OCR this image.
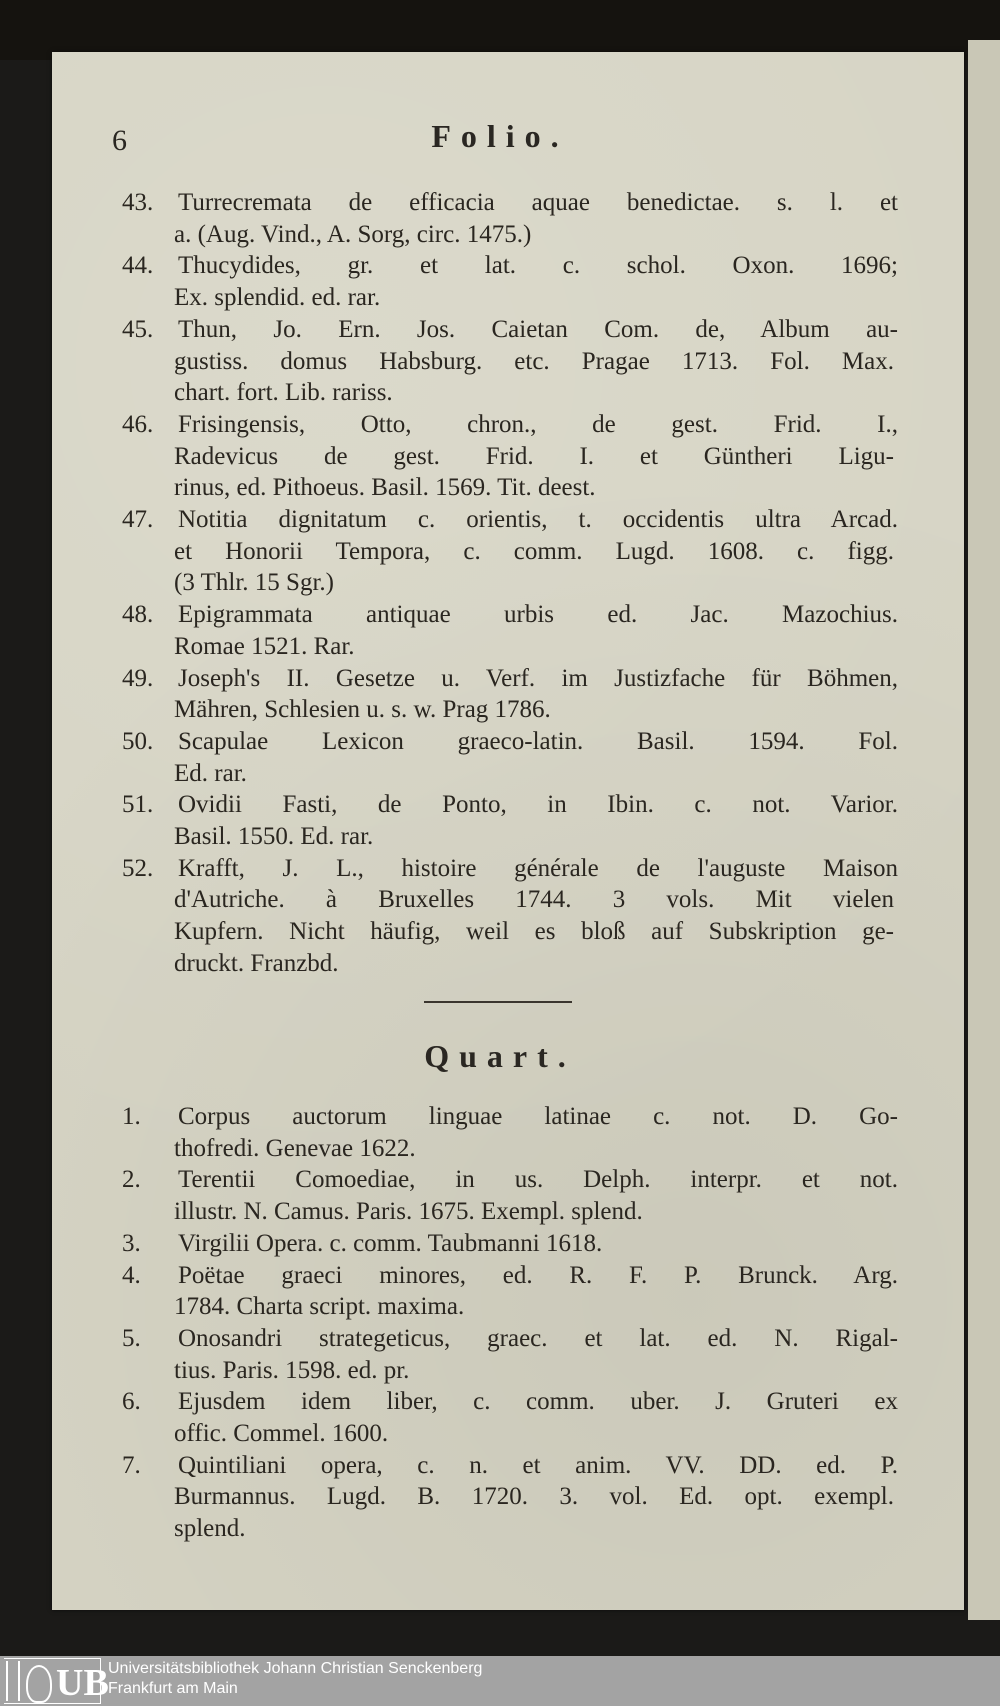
6	Folio.
Turrecremata de efficacia aquae benedictae. s. l. et
43.
a. (Aug. Vind., A. Sorg, circ. 1475.)
Thucydides, gr. et lat. c. schol. Oxon. 1696;
44.
Ex. splendid. ed. rar.
Thun, Jo. Ern. Jos. Caietan Com. de, Album au-
45.
gustiss. domus Habsburg. etc. Pragae 1713. Fol. Max.
chart. fort. Lib. rariss.
Frisingensis, Otto, chron., de gest. Frid. I.,
46.
Radevicus de gest. Frid. I. et Güntheri Ligu-
rinus, ed. Pithoeus. Basil. 1569. Tit. deest.
Notitia dignitatum c. orientis, t. occidentis ultra Arcad.
47.
et Honorii Tempora, c. comm. Lugd. 1608. c. figg.
(3 Thlr. 15 Sgr.)
Epigrammata antiquae urbis ed. Jac. Mazochius.
48.
Romae 1521. Rar.
Joseph's II. Gesetze u. Verf. im Justizfache für Böhmen,
49.
Mähren, Schlesien u. s. w. Prag 1786.
Scapulae Lexicon graeco-latin. Basil. 1594. Fol.
50.
Ed. rar.
Ovidii Fasti, de Ponto, in Ibin. c. not. Varior.
51.
Basil. 1550. Ed. rar.
Krafft, J. L., histoire générale de l'auguste Maison
52.
d'Autriche. à Bruxelles 1744. 3 vols. Mit vielen
Kupfern. Nicht häufig, weil es bloß auf Subskription ge-
druckt. Franzbd.
Quart.
Corpus auctorum linguae latinae c. not. D. Go-
1.
thofredi. Genevae 1622.
Terentii Comoediae, in us. Delph. interpr. et not.
2.
illustr. N. Camus. Paris. 1675. Exempl. splend.
Virgilii Opera. c. comm. Taubmanni 1618.
3.
Poëtae graeci minores, ed. R. F. P. Brunck. Arg.
4.
1784. Charta script. maxima.
Onosandri strategeticus, graec. et lat. ed. N. Rigal-
5.
tius. Paris. 1598. ed. pr.
Ejusdem idem liber, c. comm. uber. J. Gruteri ex
6.
offic. Commel. 1600.
Quintiliani opera, c. n. et anim. VV. DD. ed. P.
7.
Burmannus. Lugd. B. 1720. 3. vol. Ed. opt. exempl.
splend.
UB Universitätsbibliothek Johann Christian Senckenberg
Frankfurt am Main
